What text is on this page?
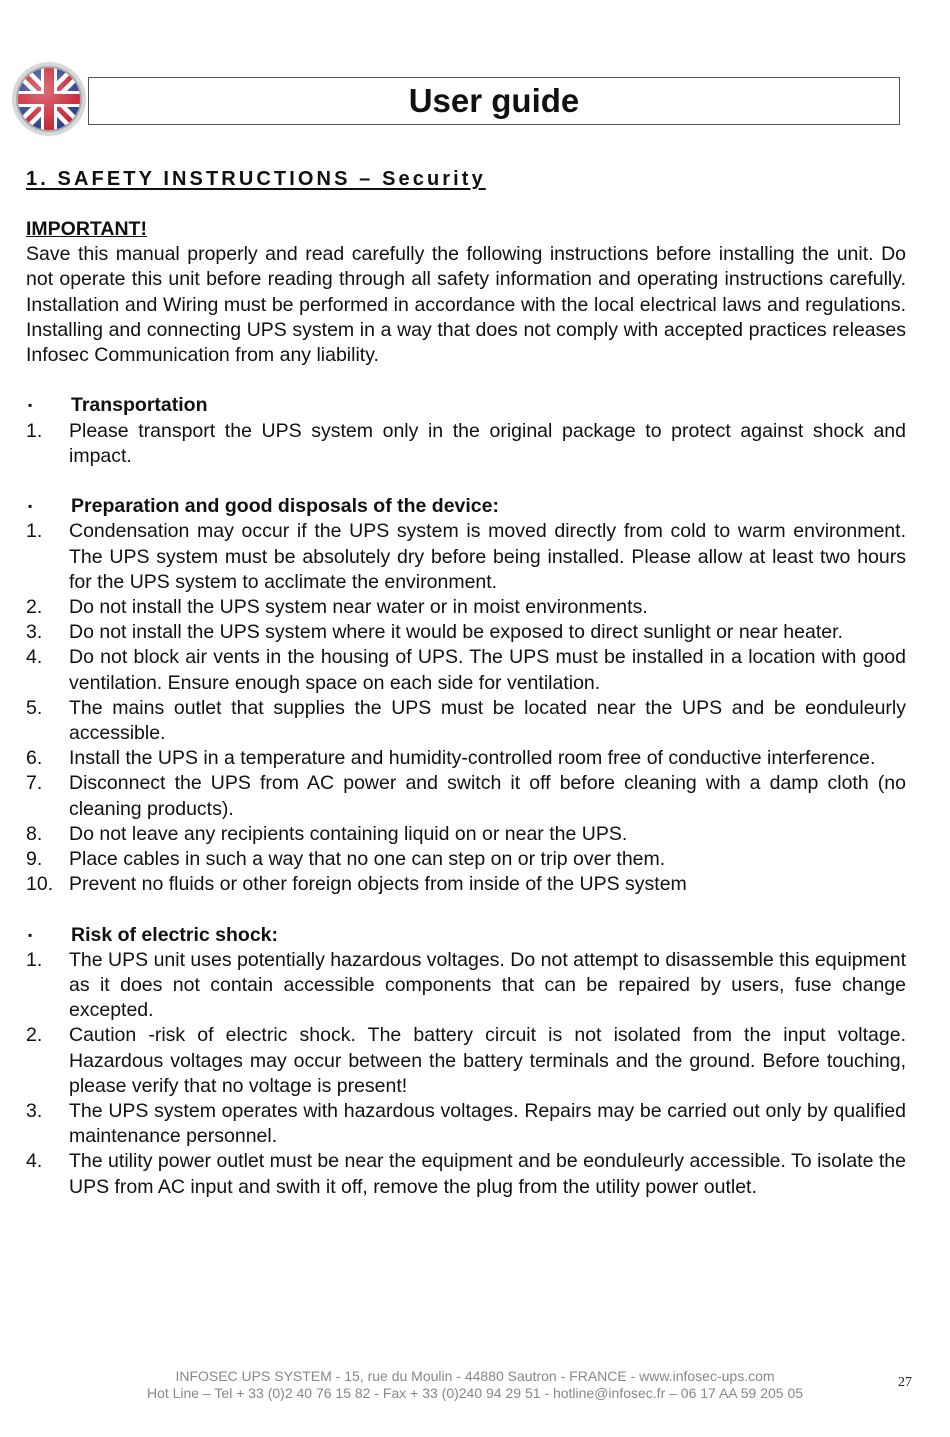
User guide
1. SAFETY INSTRUCTIONS – Security
IMPORTANT!
Save this manual properly and read carefully the following instructions before installing the unit. Do not operate this unit before reading through all safety information and operating instructions carefully. Installation and Wiring must be performed in accordance with the local electrical laws and regulations. Installing and connecting UPS system in a way that does not comply with accepted practices releases Infosec Communication from any liability.
▪	Transportation
1.	Please transport the UPS system only in the original package to protect against shock and impact.
▪	Preparation and good disposals of the device:
1.	Condensation may occur if the UPS system is moved directly from cold to warm environment. The UPS system must be absolutely dry before being installed. Please allow at least two hours for the UPS system to acclimate the environment.
2.	Do not install the UPS system near water or in moist environments.
3.	Do not install the UPS system where it would be exposed to direct sunlight or near heater.
4.	Do not block air vents in the housing of UPS. The UPS must be installed in a location with good ventilation. Ensure enough space on each side for ventilation.
5.	The mains outlet that supplies the UPS must be located near the UPS and be eonduleurly accessible.
6.	Install the UPS in a temperature and humidity-controlled room free of conductive interference.
7.	Disconnect the UPS from AC power and switch it off before cleaning with a damp cloth (no cleaning products).
8.	Do not leave any recipients containing liquid on or near the UPS.
9.	Place cables in such a way that no one can step on or trip over them.
10. Prevent no fluids or other foreign objects from inside of the UPS system
▪	Risk of electric shock:
1.	The UPS unit uses potentially hazardous voltages. Do not attempt to disassemble this equipment as it does not contain accessible components that can be repaired by users, fuse change excepted.
2.	Caution -risk of electric shock. The battery circuit is not isolated from the input voltage. Hazardous voltages may occur between the battery terminals and the ground. Before touching, please verify that no voltage is present!
3.	The UPS system operates with hazardous voltages. Repairs may be carried out only by qualified maintenance personnel.
4.	The utility power outlet must be near the equipment and be eonduleurly accessible. To isolate the UPS from AC input and swith it off, remove the plug from the utility power outlet.
INFOSEC UPS SYSTEM - 15, rue du Moulin - 44880 Sautron - FRANCE - www.infosec-ups.com
Hot Line – Tel + 33 (0)2 40 76 15 82 - Fax + 33 (0)240 94 29 51 - hotline@infosec.fr – 06 17 AA 59 205 05
27
